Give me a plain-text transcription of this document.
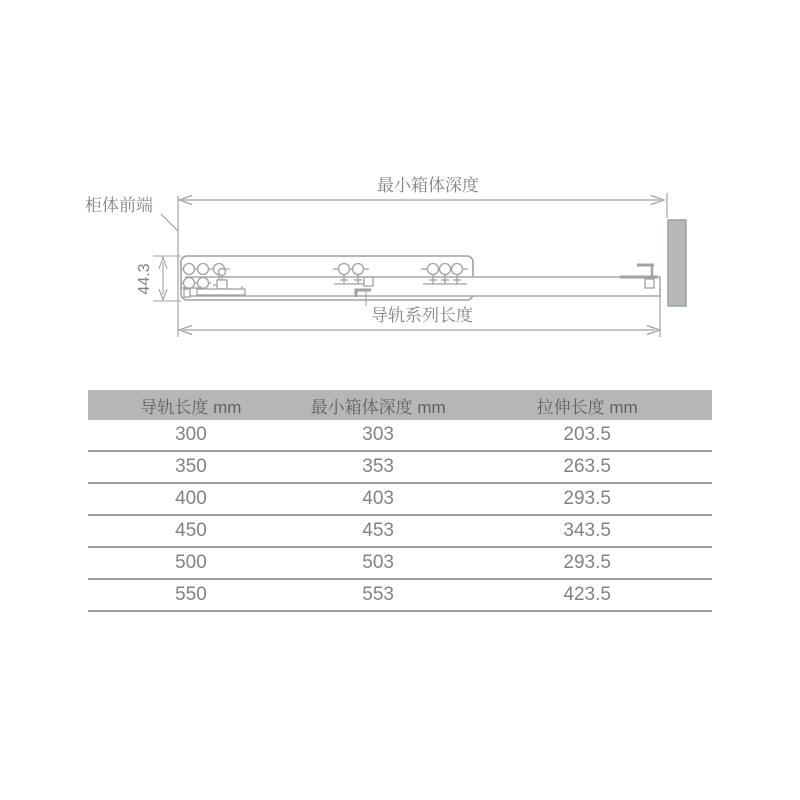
最小箱体深度
柜体前端
44.3
导轨系列长度
导轨长度 mm	最小箱体深度 mm	拉伸长度 mm
300	303	203.5
350	353	263.5
400	403	293.5
450	453	343.5
500	503	293.5
550	553	423.5
